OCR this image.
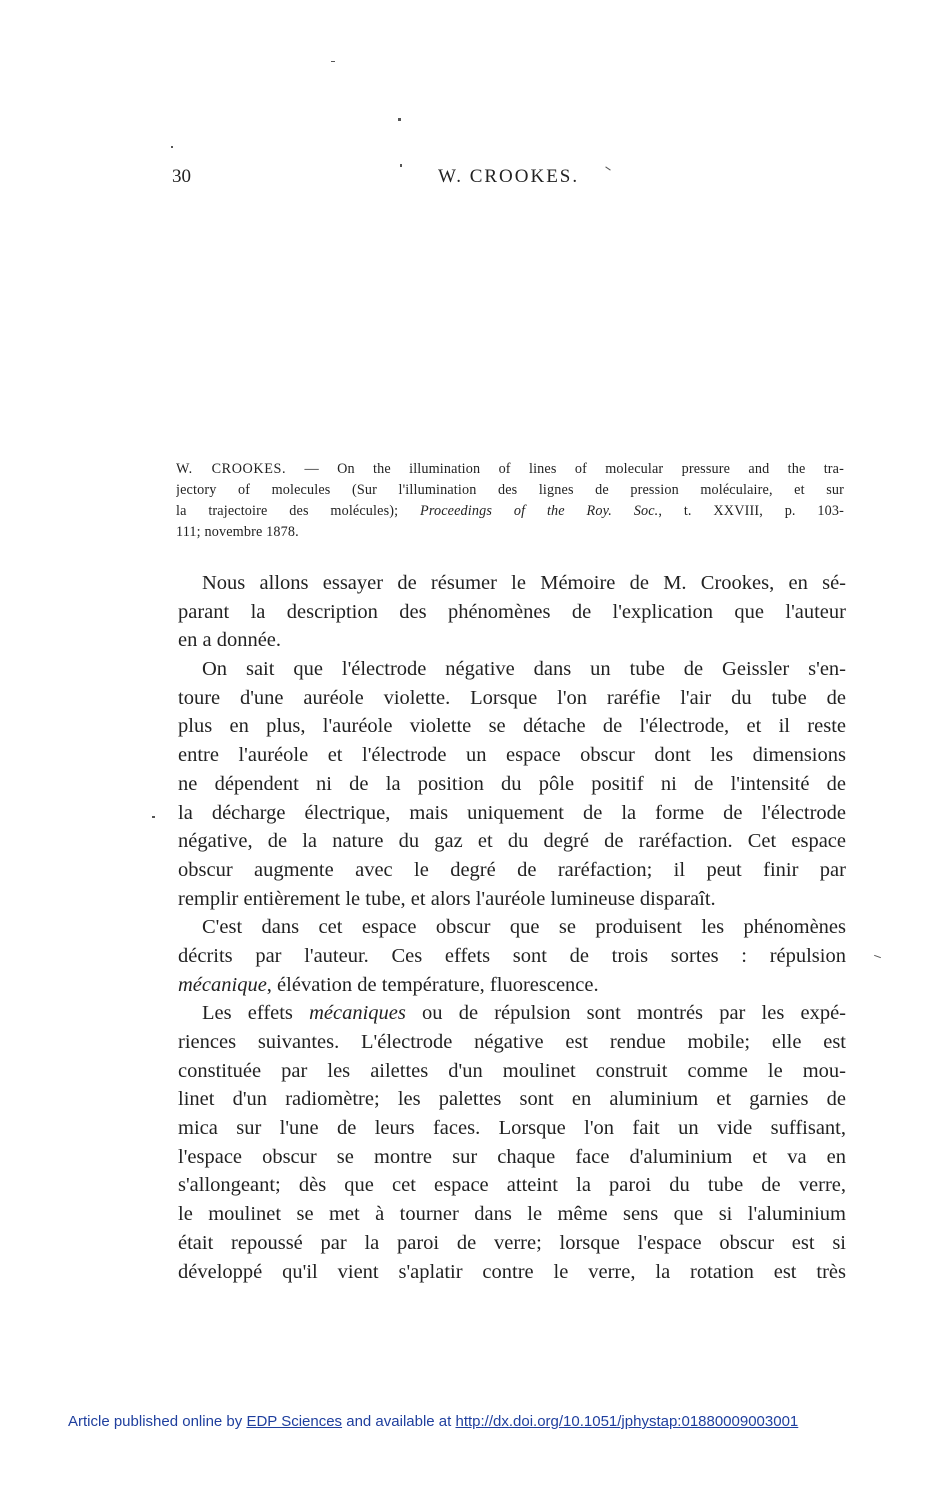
30	W. CROOKES.
W. CROOKES. — On the illumination of lines of molecular pressure and the tra-
jectory of molecules (Sur l'illumination des lignes de pression moléculaire, et sur
la trajectoire des molécules); Proceedings of the Roy. Soc., t. XXVIII, p. 103-
111; novembre 1878.
Nous allons essayer de résumer le Mémoire de M. Crookes, en sé-
parant la description des phénomènes de l'explication que l'auteur
en a donnée.
On sait que l'électrode négative dans un tube de Geissler s'en-
toure d'une auréole violette. Lorsque l'on raréfie l'air du tube de
plus en plus, l'auréole violette se détache de l'électrode, et il reste
entre l'auréole et l'électrode un espace obscur dont les dimensions
ne dépendent ni de la position du pôle positif ni de l'intensité de
la décharge électrique, mais uniquement de la forme de l'électrode
négative, de la nature du gaz et du degré de raréfaction. Cet espace
obscur augmente avec le degré de raréfaction; il peut finir par
remplir entièrement le tube, et alors l'auréole lumineuse disparaît.
C'est dans cet espace obscur que se produisent les phénomènes
décrits par l'auteur. Ces effets sont de trois sortes : répulsion
mécanique, élévation de température, fluorescence.
Les effets mécaniques ou de répulsion sont montrés par les expé-
riences suivantes. L'électrode négative est rendue mobile; elle est
constituée par les ailettes d'un moulinet construit comme le mou-
linet d'un radiomètre; les palettes sont en aluminium et garnies de
mica sur l'une de leurs faces. Lorsque l'on fait un vide suffisant,
l'espace obscur se montre sur chaque face d'aluminium et va en
s'allongeant; dès que cet espace atteint la paroi du tube de verre,
le moulinet se met à tourner dans le même sens que si l'aluminium
était repoussé par la paroi de verre; lorsque l'espace obscur est si
développé qu'il vient s'aplatir contre le verre, la rotation est très
Article published online by EDP Sciences and available at http://dx.doi.org/10.1051/jphystap:01880009003001
